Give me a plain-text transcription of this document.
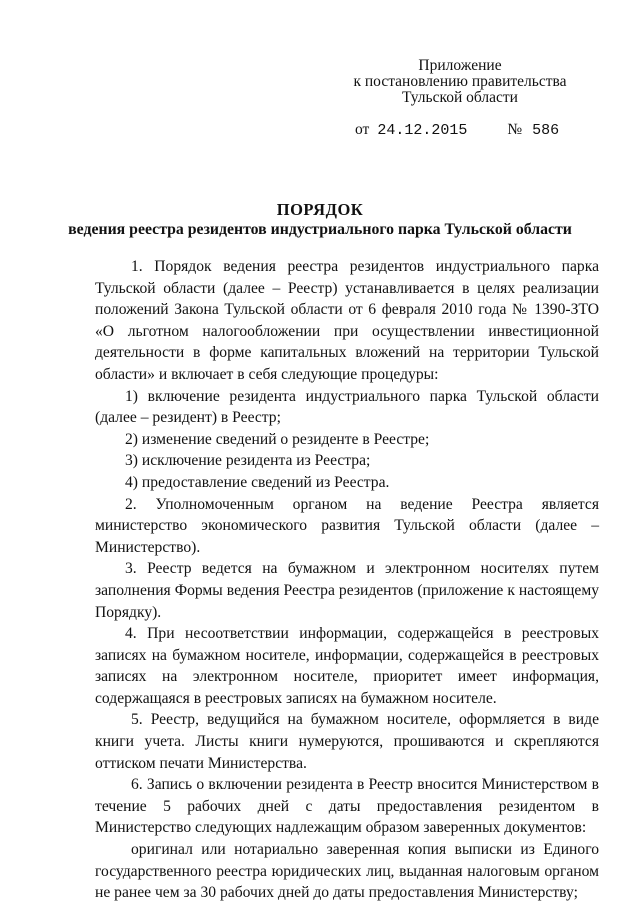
Приложение
к постановлению правительства
Тульской области
от 24.12.2015	№ 586
ПОРЯДОК
ведения реестра резидентов индустриального парка Тульской области

1. Порядок ведения реестра резидентов индустриального парка Тульской области (далее – Реестр) устанавливается в целях реализации положений Закона Тульской области от 6 февраля 2010 года № 1390-ЗТО «О льготном налогообложении при осуществлении инвестиционной деятельности в форме капитальных вложений на территории Тульской области» и включает в себя следующие процедуры:

1) включение резидента индустриального парка Тульской области (далее – резидент) в Реестр;

2) изменение сведений о резиденте в Реестре;

3) исключение резидента из Реестра;

4) предоставление сведений из Реестра.

2. Уполномоченным органом на ведение Реестра является министерство экономического развития Тульской области (далее – Министерство).

3. Реестр ведется на бумажном и электронном носителях путем заполнения Формы ведения Реестра резидентов (приложение к настоящему Порядку).

4. При несоответствии информации, содержащейся в реестровых записях на бумажном носителе, информации, содержащейся в реестровых записях на электронном носителе, приоритет имеет информация, содержащаяся в реестровых записях на бумажном носителе.

5. Реестр, ведущийся на бумажном носителе, оформляется в виде книги учета. Листы книги нумеруются, прошиваются и скрепляются оттиском печати Министерства.

6. Запись о включении резидента в Реестр вносится Министерством в течение 5 рабочих дней с даты предоставления резидентом в Министерство следующих надлежащим образом заверенных документов:

оригинал или нотариально заверенная копия выписки из Единого государственного реестра юридических лиц, выданная налоговым органом не ранее чем за 30 рабочих дней до даты предоставления Министерству;
